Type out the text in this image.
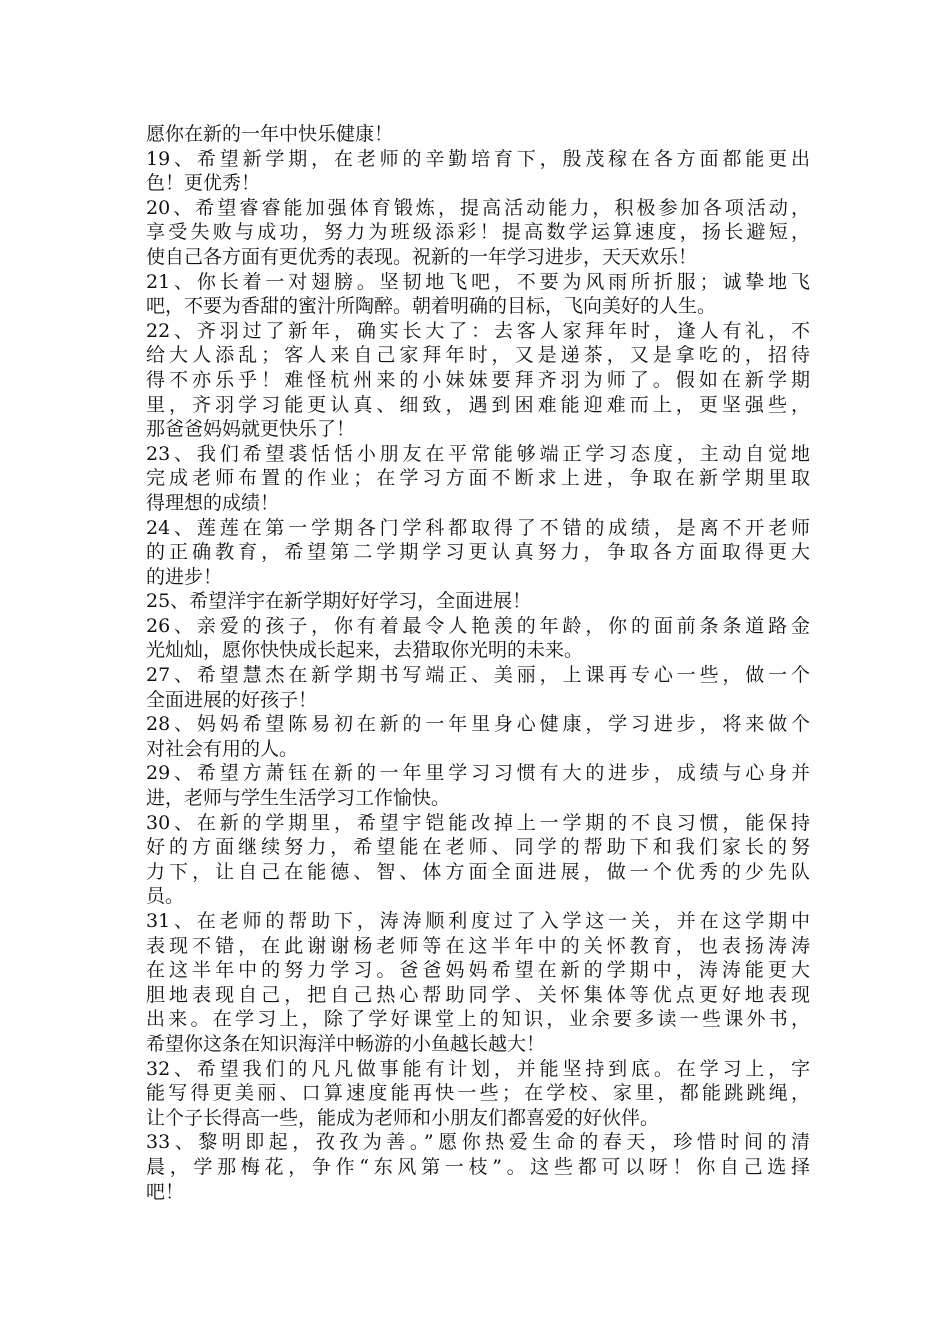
愿你在新的一年中快乐健康！
19、希望新学期，在老师的辛勤培育下，殷茂稼在各方面都能更出
色！更优秀！
20、希望睿睿能加强体育锻炼，提高活动能力，积极参加各项活动，
享受失败与成功，努力为班级添彩！提高数学运算速度，扬长避短，
使自己各方面有更优秀的表现。祝新的一年学习进步，天天欢乐！
21、你长着一对翅膀。坚韧地飞吧，不要为风雨所折服；诚挚地飞
吧，不要为香甜的蜜汁所陶醉。朝着明确的目标，飞向美好的人生。
22、齐羽过了新年，确实长大了：去客人家拜年时，逢人有礼，不
给大人添乱；客人来自己家拜年时，又是递茶，又是拿吃的，招待
得不亦乐乎！难怪杭州来的小妹妹要拜齐羽为师了。假如在新学期
里，齐羽学习能更认真、细致，遇到困难能迎难而上，更坚强些，
那爸爸妈妈就更快乐了！
23、我们希望裘恬恬小朋友在平常能够端正学习态度，主动自觉地
完成老师布置的作业；在学习方面不断求上进，争取在新学期里取
得理想的成绩！
24、莲莲在第一学期各门学科都取得了不错的成绩，是离不开老师
的正确教育，希望第二学期学习更认真努力，争取各方面取得更大
的进步！
25、希望洋宇在新学期好好学习，全面进展！
26、亲爱的孩子，你有着最令人艳羡的年龄，你的面前条条道路金
光灿灿，愿你快快成长起来，去猎取你光明的未来。
27、希望慧杰在新学期书写端正、美丽，上课再专心一些，做一个
全面进展的好孩子！
28、妈妈希望陈易初在新的一年里身心健康，学习进步，将来做个
对社会有用的人。
29、希望方萧钰在新的一年里学习习惯有大的进步，成绩与心身并
进，老师与学生生活学习工作愉快。
30、在新的学期里，希望宇铠能改掉上一学期的不良习惯，能保持
好的方面继续努力，希望能在老师、同学的帮助下和我们家长的努
力下，让自己在能德、智、体方面全面进展，做一个优秀的少先队
员。
31、在老师的帮助下，涛涛顺利度过了入学这一关，并在这学期中
表现不错，在此谢谢杨老师等在这半年中的关怀教育，也表扬涛涛
在这半年中的努力学习。爸爸妈妈希望在新的学期中，涛涛能更大
胆地表现自己，把自己热心帮助同学、关怀集体等优点更好地表现
出来。在学习上，除了学好课堂上的知识，业余要多读一些课外书，
希望你这条在知识海洋中畅游的小鱼越长越大！
32、希望我们的凡凡做事能有计划，并能坚持到底。在学习上，字
能写得更美丽、口算速度能再快一些；在学校、家里，都能跳跳绳，
让个子长得高一些，能成为老师和小朋友们都喜爱的好伙伴。
33、黎明即起，孜孜为善。”愿你热爱生命的春天，珍惜时间的清
晨，学那梅花，争作“东风第一枝”。这些都可以呀！你自己选择
吧！
